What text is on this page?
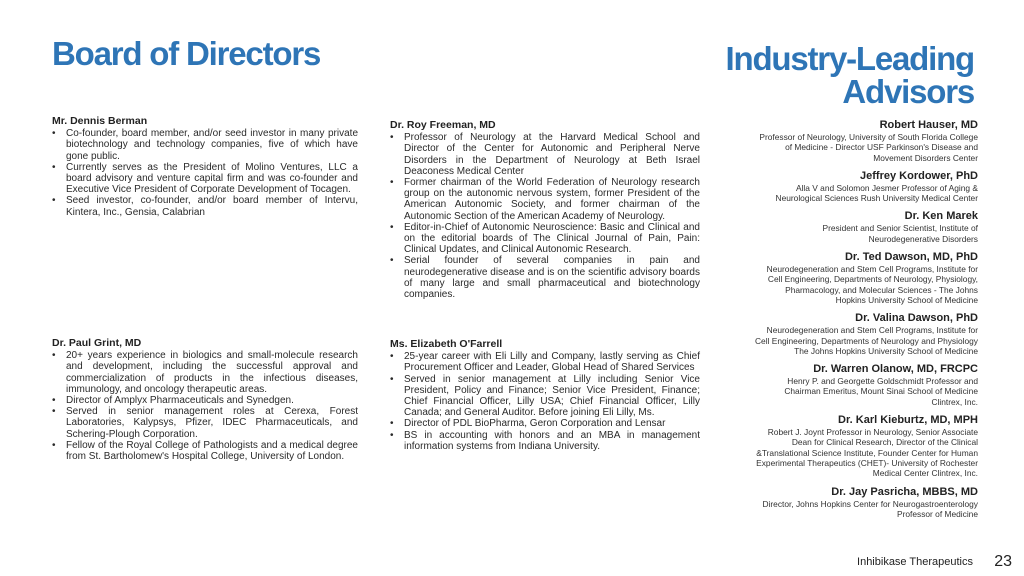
Board of Directors	Industry-Leading
Advisors
Mr. Dennis Berman
• Co-founder, board member, and/or seed investor in many private biotechnology and technology companies, five of which have gone public.
• Currently serves as the President of Molino Ventures, LLC a board advisory and venture capital firm and was co-founder and Executive Vice President of Corporate Development of Tocagen.
• Seed investor, co-founder, and/or board member of Intervu, Kintera, Inc., Gensia, Calabrian
Dr. Paul Grint, MD
• 20+ years experience in biologics and small-molecule research and development, including the successful approval and commercialization of products in the infectious diseases, immunology, and oncology therapeutic areas.
• Director of Amplyx Pharmaceuticals and Synedgen.
• Served in senior management roles at Cerexa, Forest Laboratories, Kalypsys, Pfizer, IDEC Pharmaceuticals, and Schering-Plough Corporation.
• Fellow of the Royal College of Pathologists and a medical degree from St. Bartholomew's Hospital College, University of London.
Dr. Roy Freeman, MD
• Professor of Neurology at the Harvard Medical School and Director of the Center for Autonomic and Peripheral Nerve Disorders in the Department of Neurology at Beth Israel Deaconess Medical Center
• Former chairman of the World Federation of Neurology research group on the autonomic nervous system, former President of the American Autonomic Society, and former chairman of the Autonomic Section of the American Academy of Neurology.
• Editor-in-Chief of Autonomic Neuroscience: Basic and Clinical and on the editorial boards of The Clinical Journal of Pain, Pain: Clinical Updates, and Clinical Autonomic Research.
• Serial founder of several companies in pain and neurodegenerative disease and is on the scientific advisory boards of many large and small pharmaceutical and biotechnology companies.
Ms. Elizabeth O'Farrell
• 25-year career with Eli Lilly and Company, lastly serving as Chief Procurement Officer and Leader, Global Head of Shared Services
• Served in senior management at Lilly including Senior Vice President, Policy and Finance; Senior Vice President, Finance; Chief Financial Officer, Lilly USA; Chief Financial Officer, Lilly Canada; and General Auditor. Before joining Eli Lilly, Ms.
• Director of PDL BioPharma, Geron Corporation and Lensar
• BS in accounting with honors and an MBA in management information systems from Indiana University.
Robert Hauser, MD
Professor of Neurology, University of South Florida College
of Medicine - Director USF Parkinson's Disease and
Movement Disorders Center
Jeffrey Kordower, PhD
Alla V and Solomon Jesmer Professor of Aging &
Neurological Sciences Rush University Medical Center
Dr. Ken Marek
President and Senior Scientist, Institute of
Neurodegenerative Disorders
Dr. Ted Dawson, MD, PhD
Neurodegeneration and Stem Cell Programs, Institute for
Cell Engineering, Departments of Neurology, Physiology,
Pharmacology, and Molecular Sciences - The Johns
Hopkins University School of Medicine
Dr. Valina Dawson, PhD
Neurodegeneration and Stem Cell Programs, Institute for
Cell Engineering, Departments of Neurology and Physiology
The Johns Hopkins University School of Medicine
Dr. Warren Olanow, MD, FRCPC
Henry P. and Georgette Goldschmidt Professor and
Chairman Emeritus, Mount Sinai School of Medicine
Clintrex, Inc.
Dr. Karl Kieburtz, MD, MPH
Robert J. Joynt Professor in Neurology, Senior Associate
Dean for Clinical Research, Director of the Clinical
&Translational Science Institute, Founder Center for Human
Experimental Therapeutics (CHET)- University of Rochester
Medical Center Clintrex, Inc.
Dr. Jay Pasricha, MBBS, MD
Director, Johns Hopkins Center for Neurogastroenterology
Professor of Medicine
Inhibikase Therapeutics 23
